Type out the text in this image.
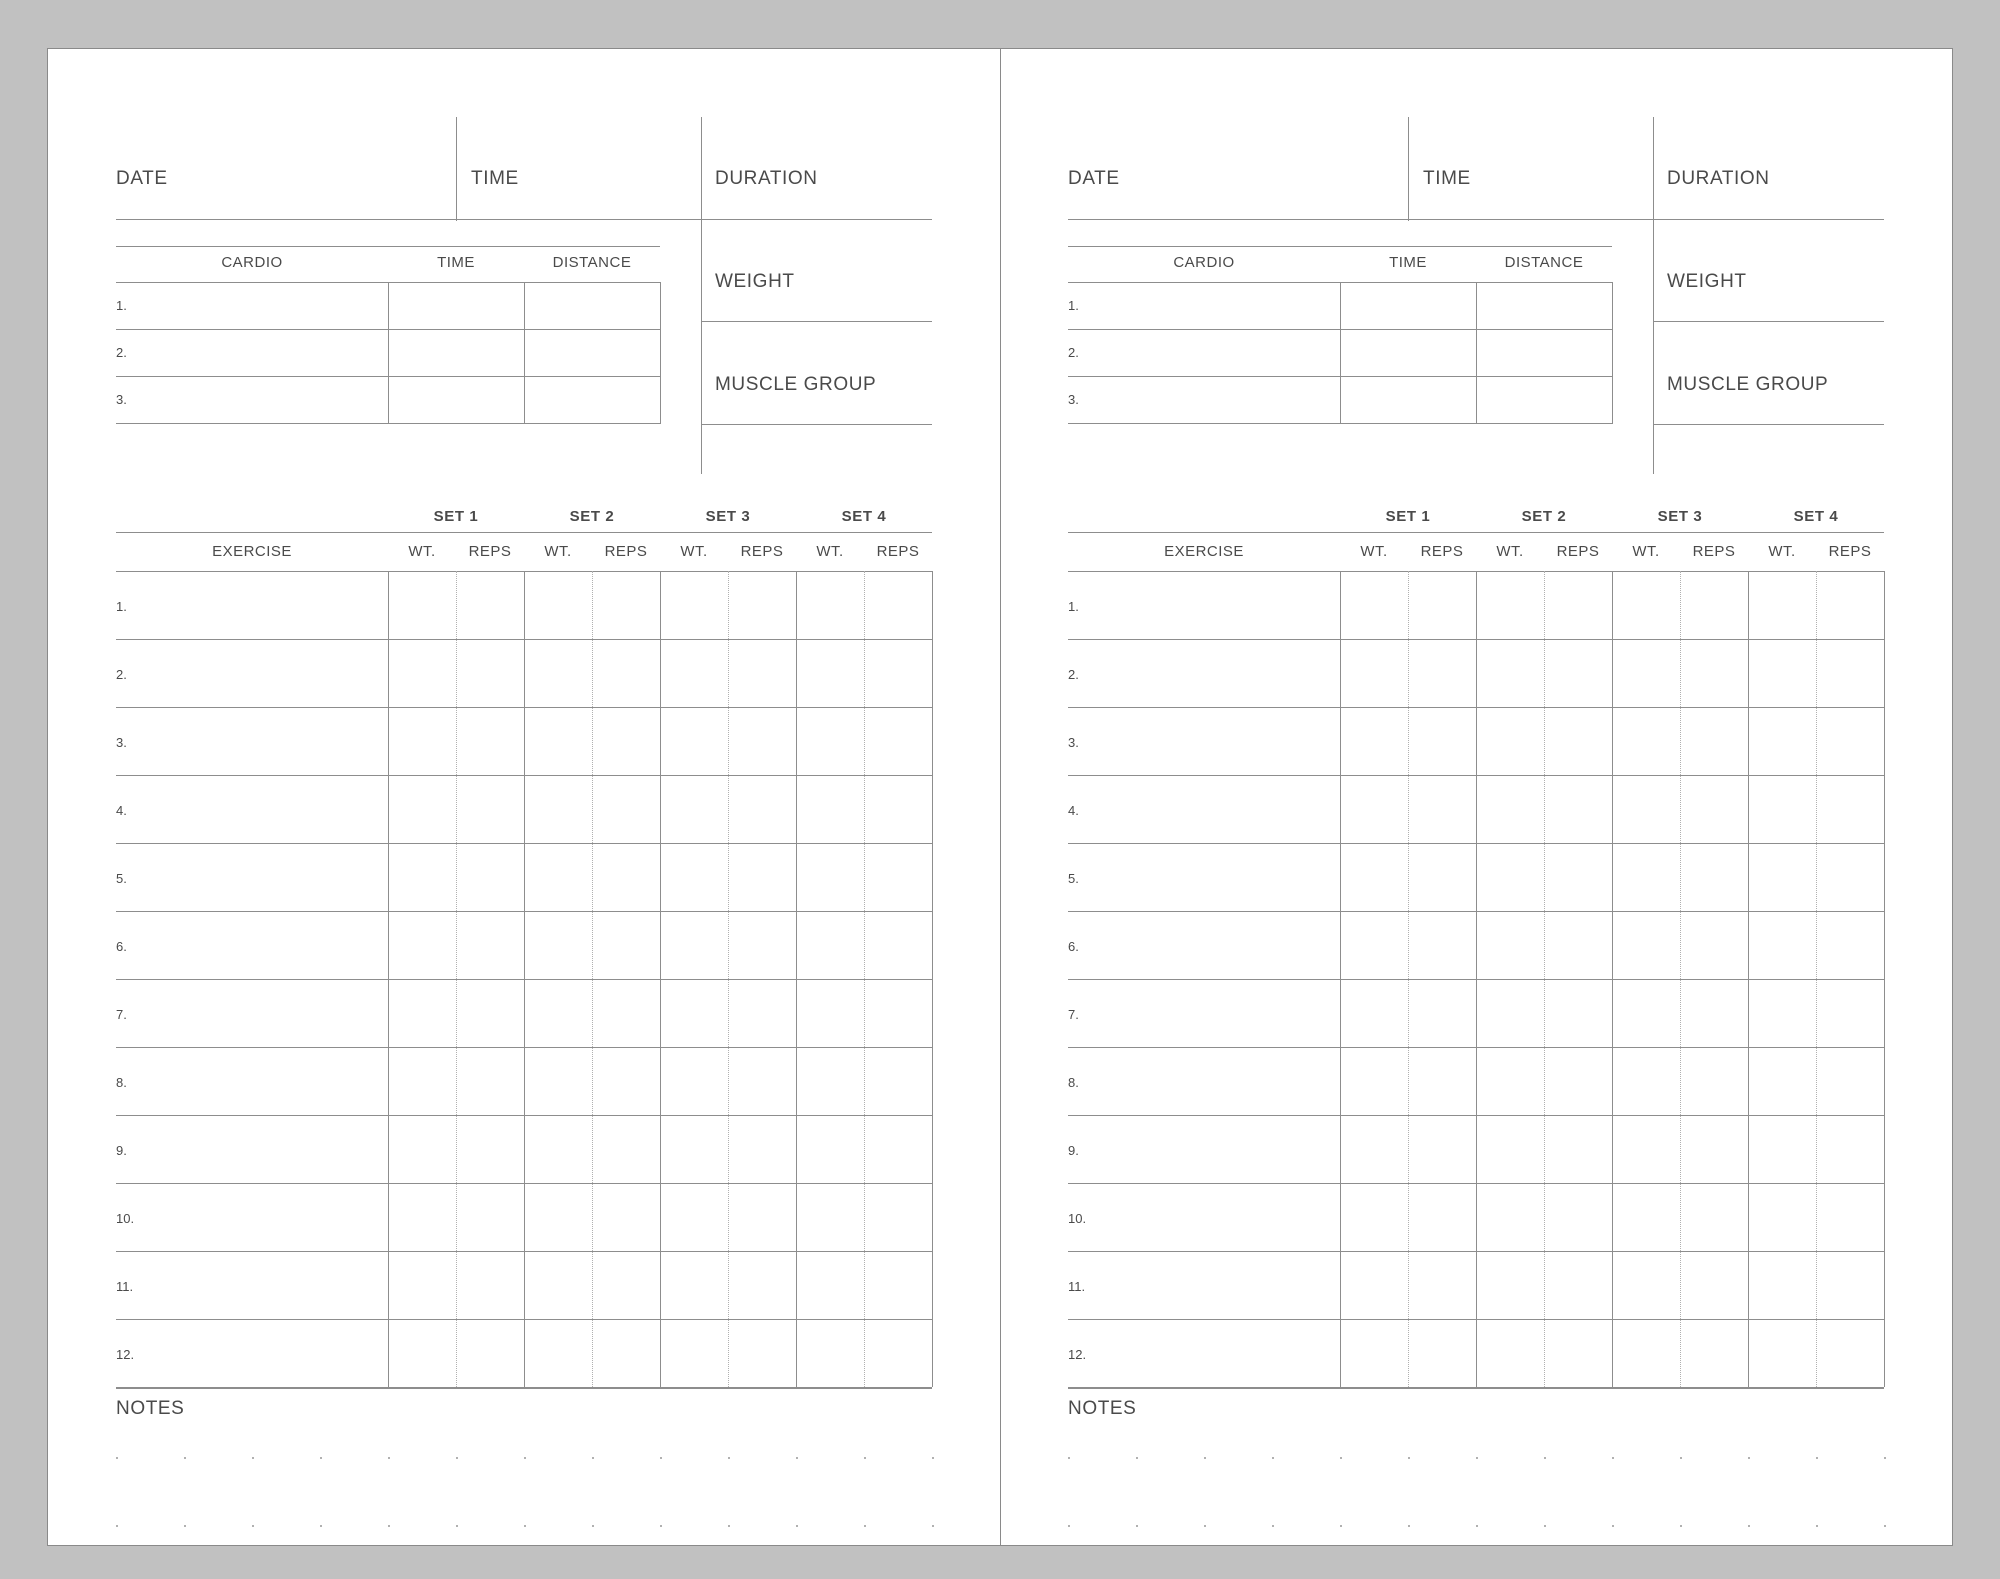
DATE	TIME	DURATION
WEIGHT
MUSCLE GROUP
CARDIO	TIME	DISTANCE
1.
2.
3.
SET 1	SET 2	SET 3	SET 4
EXERCISE	WT.	REPS	WT.	REPS	WT.	REPS	WT.	REPS
1.
2.
3.
4.
5.
6.
7.
8.
9.
10.
11.
12.
NOTES
DATE	TIME	DURATION
WEIGHT
MUSCLE GROUP
CARDIO	TIME	DISTANCE
1.
2.
3.
SET 1	SET 2	SET 3	SET 4
EXERCISE	WT.	REPS	WT.	REPS	WT.	REPS	WT.	REPS
1.
2.
3.
4.
5.
6.
7.
8.
9.
10.
11.
12.
NOTES
